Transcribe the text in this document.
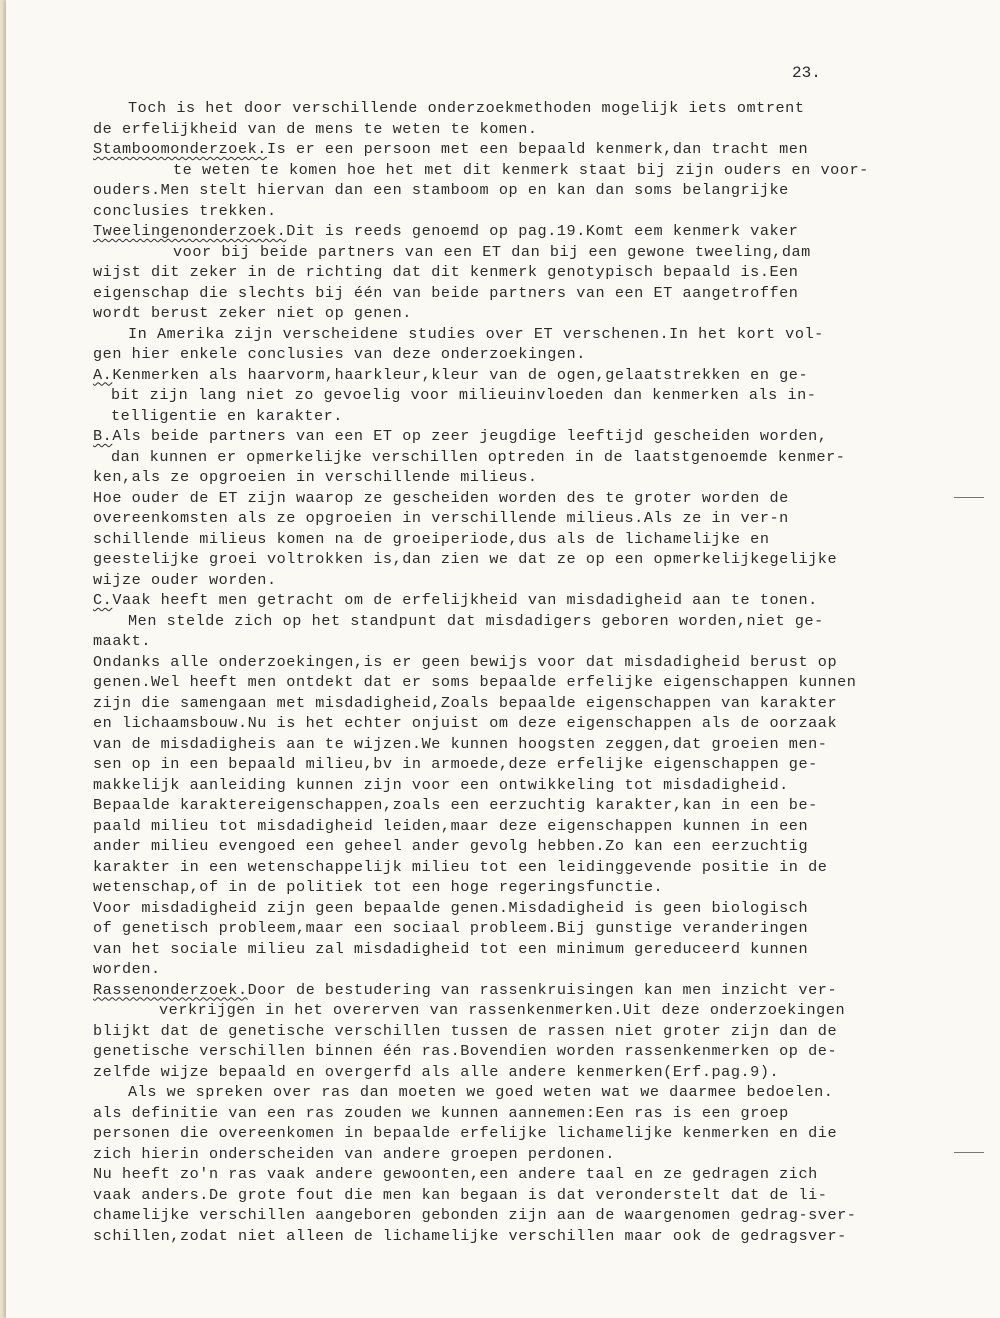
23.
Toch is het door verschillende onderzoekmethoden mogelijk iets omtrent
de erfelijkheid van de mens te weten te komen.
Stamboomonderzoek.Is er een persoon met een bepaald kenmerk,dan tracht men
te weten te komen hoe het met dit kenmerk staat bij zijn ouders en voor-
ouders.Men stelt hiervan dan een stamboom op en kan dan soms belangrijke
conclusies trekken.
Tweelingenonderzoek.Dit is reeds genoemd op pag.19.Komt eem kenmerk vaker
voor bij beide partners van een ET dan bij een gewone tweeling,dam
wijst dit zeker in de richting dat dit kenmerk genotypisch bepaald is.Een
eigenschap die slechts bij één van beide partners van een ET aangetroffen
wordt berust zeker niet op genen.
In Amerika zijn verscheidene studies over ET verschenen.In het kort vol-
gen hier enkele conclusies van deze onderzoekingen.
A.Kenmerken als haarvorm,haarkleur,kleur van de ogen,gelaatstrekken en ge-
bit zijn lang niet zo gevoelig voor milieuinvloeden dan kenmerken als in-
telligentie en karakter.
B.Als beide partners van een ET op zeer jeugdige leeftijd gescheiden worden,
dan kunnen er opmerkelijke verschillen optreden in de laatstgenoemde kenmer-
ken,als ze opgroeien in verschillende milieus.
Hoe ouder de ET zijn waarop ze gescheiden worden des te groter worden de
overeenkomsten als ze opgroeien in verschillende milieus.Als ze in ver-n
schillende milieus komen na de groeiperiode,dus als de lichamelijke en
geestelijke groei voltrokken is,dan zien we dat ze op een opmerkelijkegelijke
wijze ouder worden.
C.Vaak heeft men getracht om de erfelijkheid van misdadigheid aan te tonen.
Men stelde zich op het standpunt dat misdadigers geboren worden,niet ge-
maakt.
Ondanks alle onderzoekingen,is er geen bewijs voor dat misdadigheid berust op
genen.Wel heeft men ontdekt dat er soms bepaalde erfelijke eigenschappen kunnen
zijn die samengaan met misdadigheid,Zoals bepaalde eigenschappen van karakter
en lichaamsbouw.Nu is het echter onjuist om deze eigenschappen als de oorzaak
van de misdadigheis aan te wijzen.We kunnen hoogsten zeggen,dat groeien men-
sen op in een bepaald milieu,bv in armoede,deze erfelijke eigenschappen ge-
makkelijk aanleiding kunnen zijn voor een ontwikkeling tot misdadigheid.
Bepaalde karaktereigenschappen,zoals een eerzuchtig karakter,kan in een be-
paald milieu tot misdadigheid leiden,maar deze eigenschappen kunnen in een
ander milieu evengoed een geheel ander gevolg hebben.Zo kan een eerzuchtig
karakter in een wetenschappelijk milieu tot een leidinggevende positie in de
wetenschap,of in de politiek tot een hoge regeringsfunctie.
Voor misdadigheid zijn geen bepaalde genen.Misdadigheid is geen biologisch
of genetisch probleem,maar een sociaal probleem.Bij gunstige veranderingen
van het sociale milieu zal misdadigheid tot een minimum gereduceerd kunnen
worden.
Rassenonderzoek.Door de bestudering van rassenkruisingen kan men inzicht ver-
verkrijgen in het overerven van rassenkenmerken.Uit deze onderzoekingen
blijkt dat de genetische verschillen tussen de rassen niet groter zijn dan de
genetische verschillen binnen één ras.Bovendien worden rassenkenmerken op de-
zelfde wijze bepaald en overgerfd als alle andere kenmerken(Erf.pag.9).
Als we spreken over ras dan moeten we goed weten wat we daarmee bedoelen.
als definitie van een ras zouden we kunnen aannemen:Een ras is een groep
personen die overeenkomen in bepaalde erfelijke lichamelijke kenmerken en die
zich hierin onderscheiden van andere groepen perdonen.
Nu heeft zo'n ras vaak andere gewoonten,een andere taal en ze gedragen zich
vaak anders.De grote fout die men kan begaan is dat veronderstelt dat de li-
chamelijke verschillen aangeboren gebonden zijn aan de waargenomen gedrag-sver-
schillen,zodat niet alleen de lichamelijke verschillen maar ook de gedragsver-
